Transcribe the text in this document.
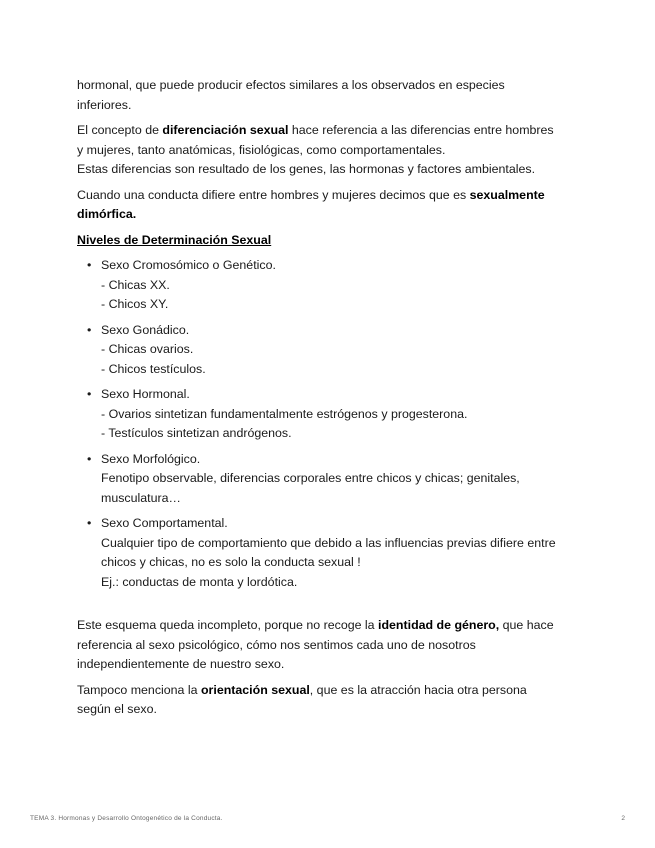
hormonal, que puede producir efectos similares a los observados en especies
inferiores.

El concepto de diferenciación sexual hace referencia a las diferencias entre hombres
y mujeres, tanto anatómicas, fisiológicas, como comportamentales.
Estas diferencias son resultado de los genes, las hormonas y factores ambientales.

Cuando una conducta difiere entre hombres y mujeres decimos que es sexualmente
dimórfica.

Niveles de Determinación Sexual
• Sexo Cromosómico o Genético.
- Chicas XX.
- Chicos XY.
• Sexo Gonádico.
- Chicas ovarios.
- Chicos testículos.
• Sexo Hormonal.
- Ovarios sintetizan fundamentalmente estrógenos y progesterona.
- Testículos sintetizan andrógenos.
• Sexo Morfológico.
Fenotipo observable, diferencias corporales entre chicos y chicas; genitales,
musculatura…
• Sexo Comportamental.
Cualquier tipo de comportamiento que debido a las influencias previas difiere entre
chicos y chicas, no es solo la conducta sexual !
Ej.: conductas de monta y lordótica.

Este esquema queda incompleto, porque no recoge la identidad de género, que hace
referencia al sexo psicológico, cómo nos sentimos cada uno de nosotros
independientemente de nuestro sexo.

Tampoco menciona la orientación sexual, que es la atracción hacia otra persona
según el sexo.

TEMA 3. Hormonas y Desarrollo Ontogenético de la Conducta.	2
